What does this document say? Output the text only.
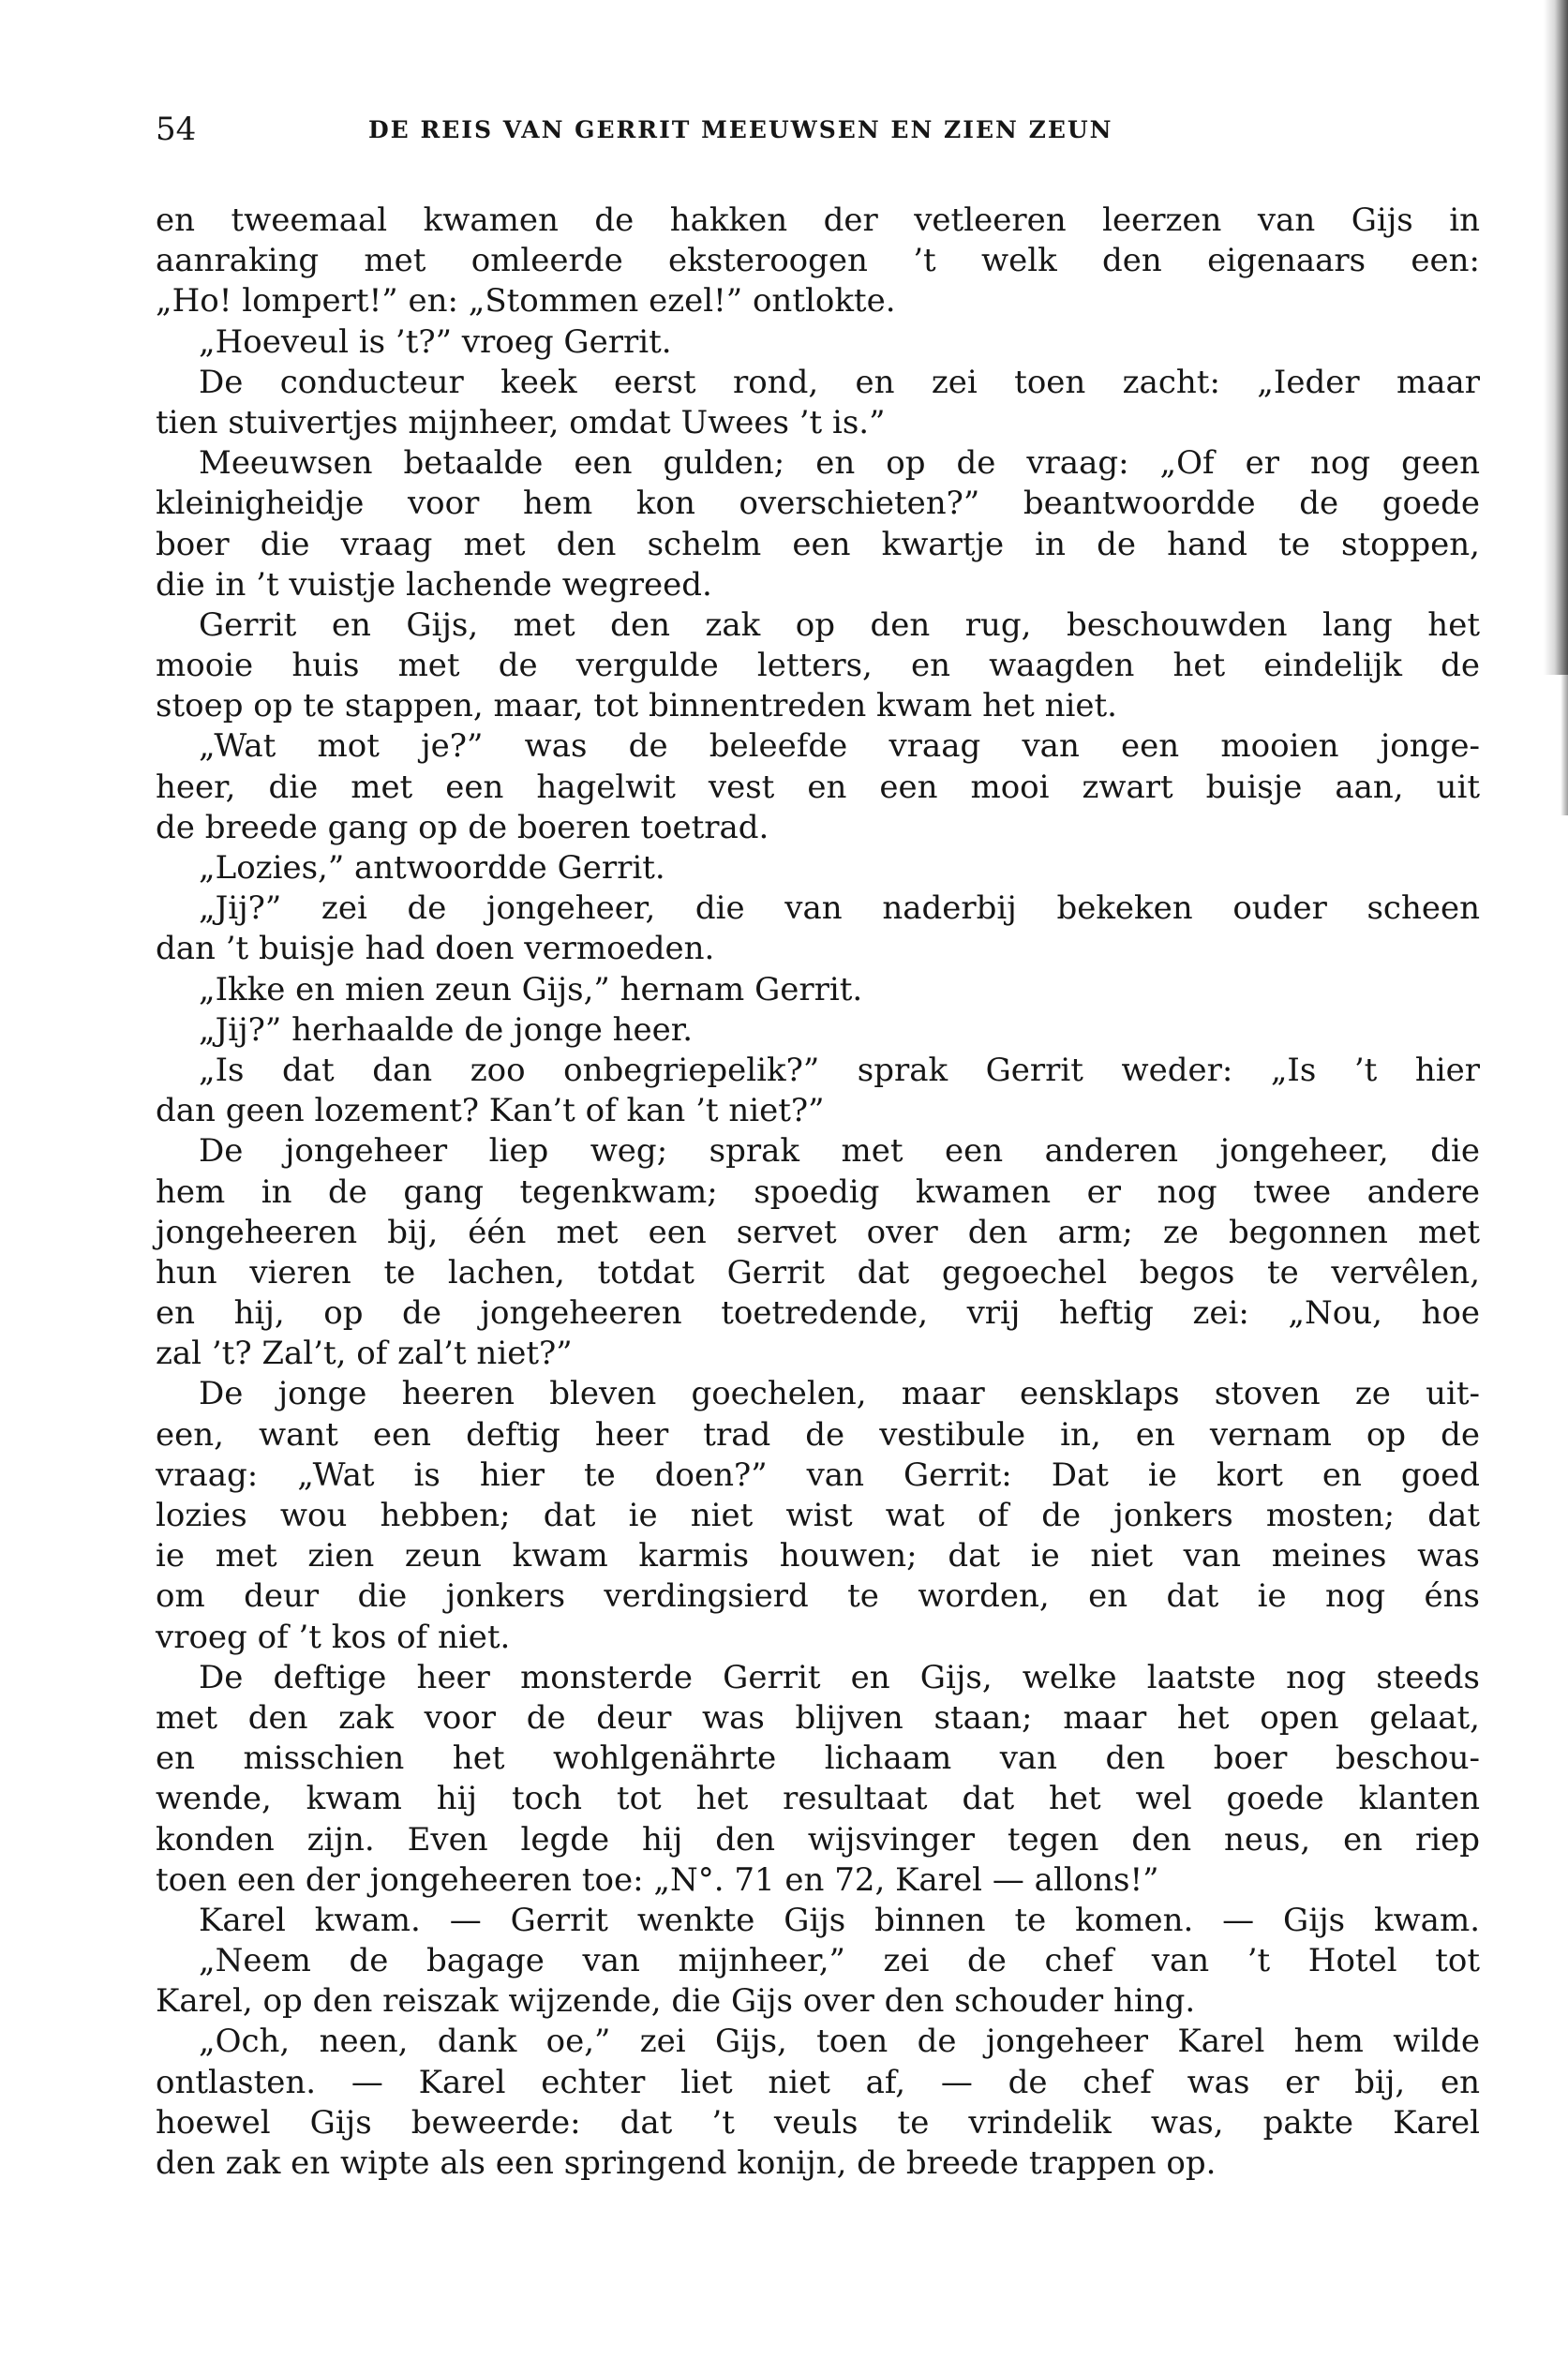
54	DE REIS VAN GERRIT MEEUWSEN EN ZIEN ZEUN
en tweemaal kwamen de hakken der vetleeren leerzen van Gijs in
aanraking met omleerde eksteroogen ’t welk den eigenaars een:
„Ho! lompert!” en: „Stommen ezel!” ontlokte.
„Hoeveul is ’t?” vroeg Gerrit.
De conducteur keek eerst rond, en zei toen zacht: „Ieder maar
tien stuivertjes mijnheer, omdat Uwees ’t is.”
Meeuwsen betaalde een gulden; en op de vraag: „Of er nog geen
kleinigheidje voor hem kon overschieten?” beantwoordde de goede
boer die vraag met den schelm een kwartje in de hand te stoppen,
die in ’t vuistje lachende wegreed.
Gerrit en Gijs, met den zak op den rug, beschouwden lang het
mooie huis met de vergulde letters, en waagden het eindelijk de
stoep op te stappen, maar, tot binnentreden kwam het niet.
„Wat mot je?” was de beleefde vraag van een mooien jonge-
heer, die met een hagelwit vest en een mooi zwart buisje aan, uit
de breede gang op de boeren toetrad.
„Lozies,” antwoordde Gerrit.
„Jij?” zei de jongeheer, die van naderbij bekeken ouder scheen
dan ’t buisje had doen vermoeden.
„Ikke en mien zeun Gijs,” hernam Gerrit.
„Jij?” herhaalde de jonge heer.
„Is dat dan zoo onbegriepelik?” sprak Gerrit weder: „Is ’t hier
dan geen lozement? Kan’t of kan ’t niet?”
De jongeheer liep weg; sprak met een anderen jongeheer, die
hem in de gang tegenkwam; spoedig kwamen er nog twee andere
jongeheeren bij, één met een servet over den arm; ze begonnen met
hun vieren te lachen, totdat Gerrit dat gegoechel begos te vervêlen,
en hij, op de jongeheeren toetredende, vrij heftig zei: „Nou, hoe
zal ’t? Zal’t, of zal’t niet?”
De jonge heeren bleven goechelen, maar eensklaps stoven ze uit-
een, want een deftig heer trad de vestibule in, en vernam op de
vraag: „Wat is hier te doen?” van Gerrit: Dat ie kort en goed
lozies wou hebben; dat ie niet wist wat of de jonkers mosten; dat
ie met zien zeun kwam karmis houwen; dat ie niet van meines was
om deur die jonkers verdingsierd te worden, en dat ie nog éns
vroeg of ’t kos of niet.
De deftige heer monsterde Gerrit en Gijs, welke laatste nog steeds
met den zak voor de deur was blijven staan; maar het open gelaat,
en misschien het wohlgenährte lichaam van den boer beschou-
wende, kwam hij toch tot het resultaat dat het wel goede klanten
konden zijn. Even legde hij den wijsvinger tegen den neus, en riep
toen een der jongeheeren toe: „N°. 71 en 72, Karel — allons!”
Karel kwam. — Gerrit wenkte Gijs binnen te komen. — Gijs kwam.
„Neem de bagage van mijnheer,” zei de chef van ’t Hotel tot
Karel, op den reiszak wijzende, die Gijs over den schouder hing.
„Och, neen, dank oe,” zei Gijs, toen de jongeheer Karel hem wilde
ontlasten. — Karel echter liet niet af, — de chef was er bij, en
hoewel Gijs beweerde: dat ’t veuls te vrindelik was, pakte Karel
den zak en wipte als een springend konijn, de breede trappen op.
